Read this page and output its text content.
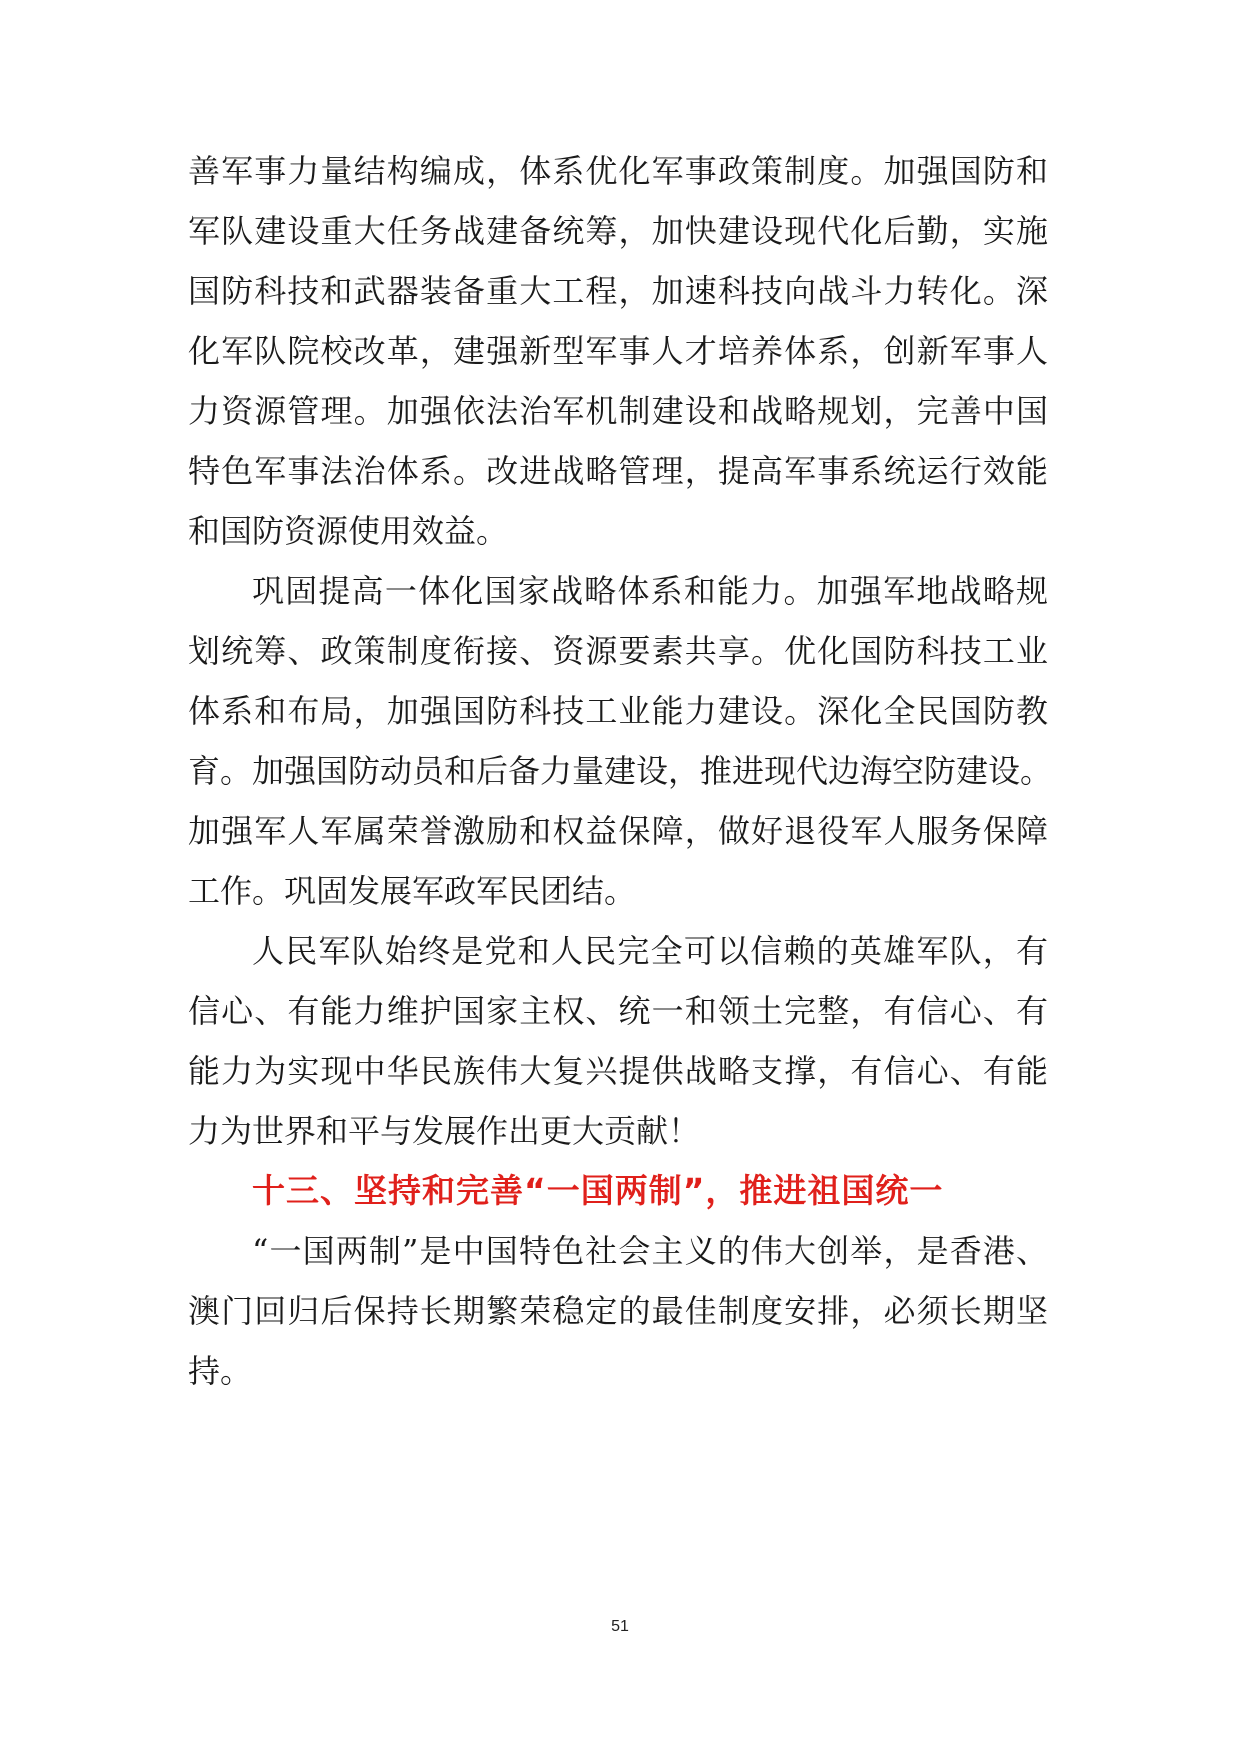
善军事力量结构编成，体系优化军事政策制度。加强国防和
军队建设重大任务战建备统筹，加快建设现代化后勤，实施
国防科技和武器装备重大工程，加速科技向战斗力转化。深
化军队院校改革，建强新型军事人才培养体系，创新军事人
力资源管理。加强依法治军机制建设和战略规划，完善中国
特色军事法治体系。改进战略管理，提高军事系统运行效能
和国防资源使用效益。
巩固提高一体化国家战略体系和能力。加强军地战略规
划统筹、政策制度衔接、资源要素共享。优化国防科技工业
体系和布局，加强国防科技工业能力建设。深化全民国防教
育。加强国防动员和后备力量建设，推进现代边海空防建设。
加强军人军属荣誉激励和权益保障，做好退役军人服务保障
工作。巩固发展军政军民团结。
人民军队始终是党和人民完全可以信赖的英雄军队，有
信心、有能力维护国家主权、统一和领土完整，有信心、有
能力为实现中华民族伟大复兴提供战略支撑，有信心、有能
力为世界和平与发展作出更大贡献！
十三、坚持和完善“一国两制”，推进祖国统一
“一国两制”是中国特色社会主义的伟大创举，是香港、
澳门回归后保持长期繁荣稳定的最佳制度安排，必须长期坚
持。
51
